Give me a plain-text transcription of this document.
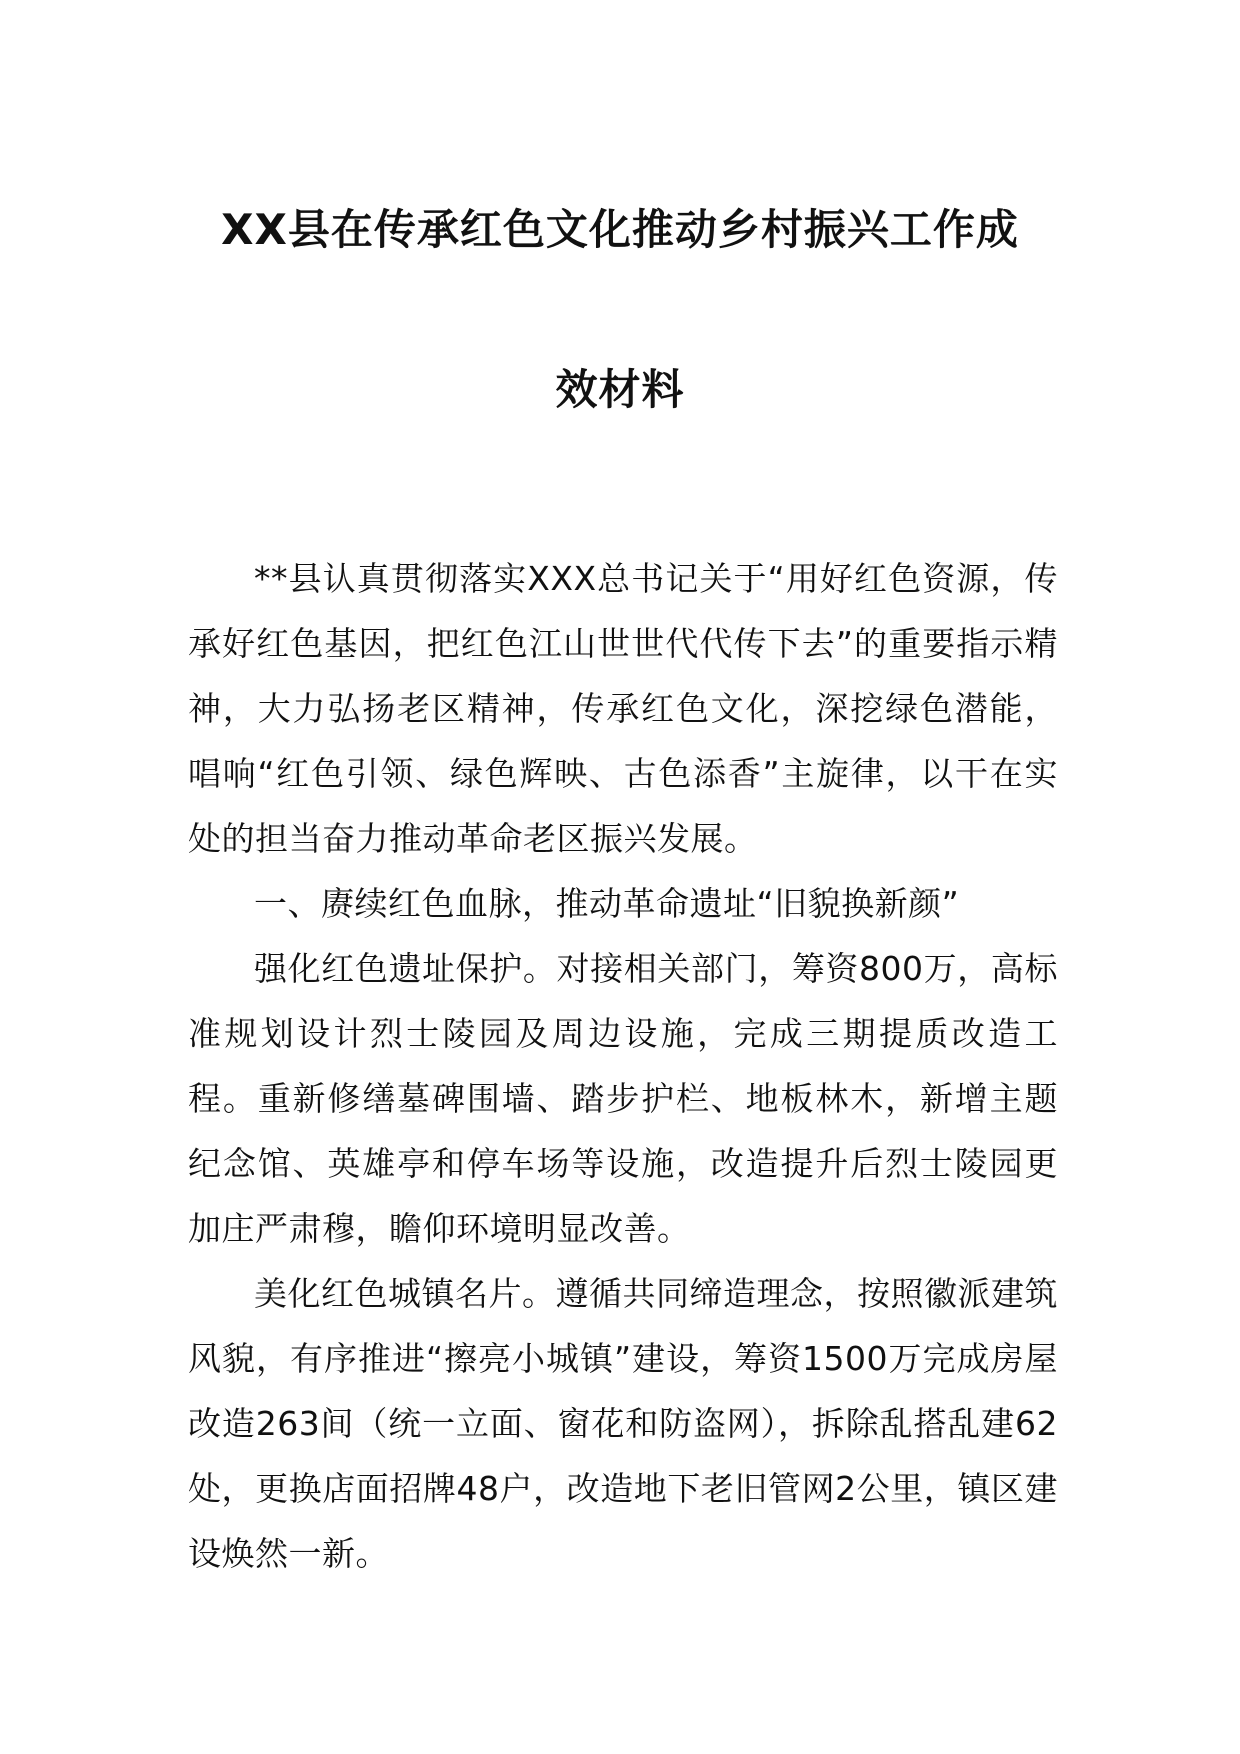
XX县在传承红色文化推动乡村振兴工作成
效材料

**县认真贯彻落实XXX总书记关于“用好红色资源，传承好红色基因，把红色江山世世代代传下去”的重要指示精神，大力弘扬老区精神，传承红色文化，深挖绿色潜能，唱响“红色引领、绿色辉映、古色添香”主旋律，以干在实处的担当奋力推动革命老区振兴发展。

一、赓续红色血脉，推动革命遗址“旧貌换新颜”

强化红色遗址保护。对接相关部门，筹资800万，高标准规划设计烈士陵园及周边设施，完成三期提质改造工程。重新修缮墓碑围墙、踏步护栏、地板林木，新增主题纪念馆、英雄亭和停车场等设施，改造提升后烈士陵园更加庄严肃穆，瞻仰环境明显改善。

美化红色城镇名片。遵循共同缔造理念，按照徽派建筑风貌，有序推进“擦亮小城镇”建设，筹资1500万完成房屋改造263间（统一立面、窗花和防盗网），拆除乱搭乱建62处，更换店面招牌48户，改造地下老旧管网2公里，镇区建设焕然一新。
